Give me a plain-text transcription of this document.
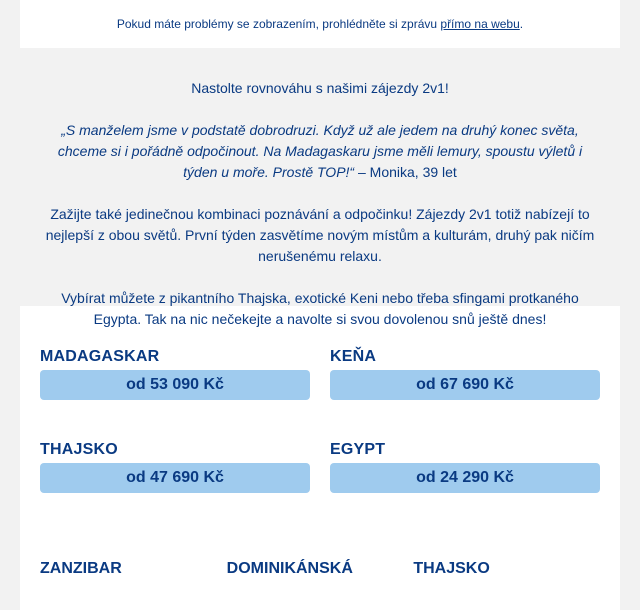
Pokud máte problémy se zobrazením, prohlédněte si zprávu
přímo na webu .

Nastolte rovnováhu s našimi zájezdy 2v1!

„S manželem jsme v podstatě dobrodruzi. Když už ale jedem na druhý konec světa, chceme si i pořádně odpočinout. Na Madagaskaru jsme měli lemury, spoustu výletů i týden u moře. Prostě TOP!“ – Monika, 39 let

Zažijte také jedinečnou kombinaci poznávání a odpočinku! Zájezdy 2v1 totiž nabízejí to nejlepší z obou světů. První týden zasvětíme novým místům a kulturám, druhý pak ničím nerušenému relaxu.

Vybírat můžete z pikantního Thajska, exotické Keni nebo třeba sfingami protkaného Egypta. Tak na nic nečekejte a navolte si svou dovolenou snů ještě dnes!

MADAGASKAR
od 53 090 Kč
KEŇA
od 67 690 Kč
THAJSKO
od 47 690 Kč
EGYPT
od 24 290 Kč
ZANZIBAR	DOMINIKÁNSKÁ	THAJSKO
